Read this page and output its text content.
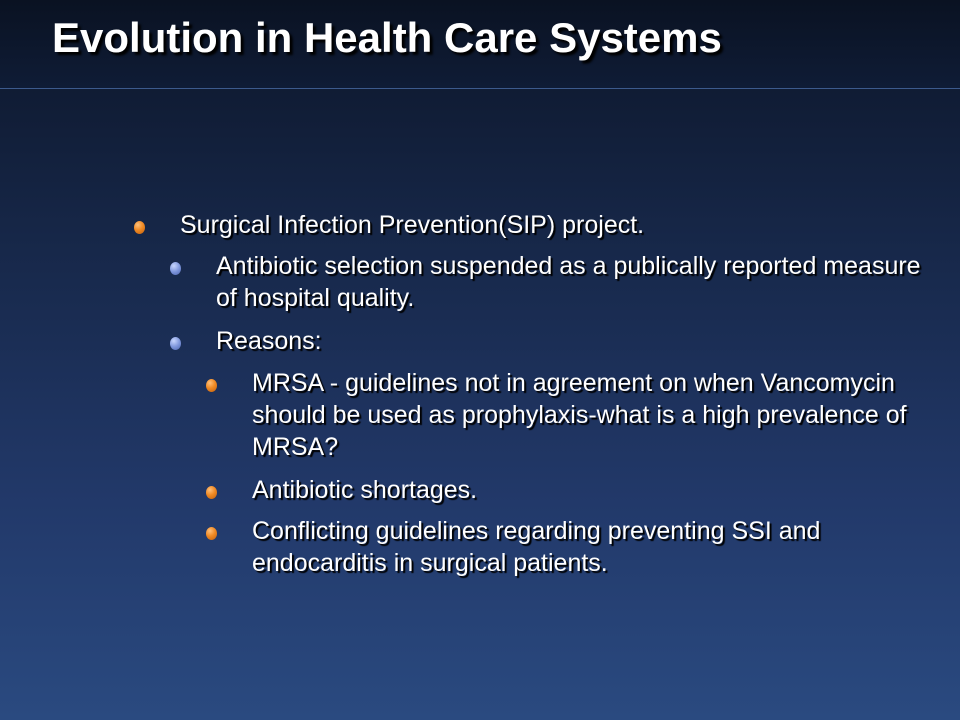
Evolution in Health Care Systems
Surgical Infection Prevention(SIP) project.
Antibiotic selection suspended as a publically reported measure of hospital quality.
Reasons:
MRSA - guidelines not in agreement on when Vancomycin should be used as prophylaxis-what is a high prevalence of MRSA?
Antibiotic shortages.
Conflicting guidelines regarding preventing SSI and endocarditis in surgical patients.
